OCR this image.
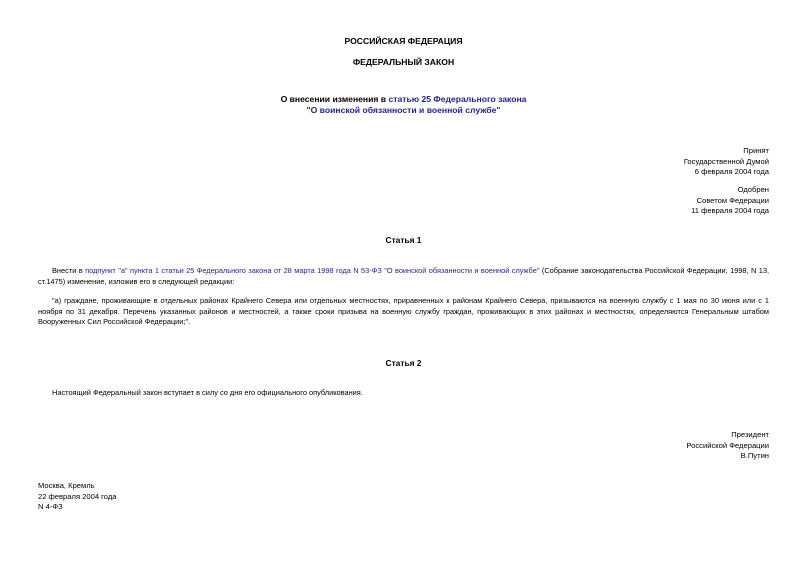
РОССИЙСКАЯ ФЕДЕРАЦИЯ
ФЕДЕРАЛЬНЫЙ ЗАКОН
О внесении изменения в статью 25 Федерального закона
"О воинской обязанности и военной службе"
Принят
Государственной Думой
6 февраля 2004 года
Одобрен
Советом Федерации
11 февраля 2004 года
Статья 1
Внести в подпункт "а" пункта 1 статьи 25 Федерального закона от 28 марта 1998 года N 53-ФЗ "О воинской обязанности и военной службе" (Собрание законодательства Российской Федерации, 1998, N 13, ст.1475) изменение, изложив его в следующей редакции:
"а) граждане, проживающие в отдельных районах Крайнего Севера или отдельных местностях, приравненных к районам Крайнего Севера, призываются на военную службу с 1 мая по 30 июня или с 1 ноября по 31 декабря. Перечень указанных районов и местностей, а также сроки призыва на военную службу граждан, проживающих в этих районах и местностях, определяются Генеральным штабом Вооруженных Сил Российской Федерации;".
Статья 2
Настоящий Федеральный закон вступает в силу со дня его официального опубликования.
Президент
Российской Федерации
В.Путин
Москва, Кремль
22 февраля 2004 года
N 4-ФЗ
